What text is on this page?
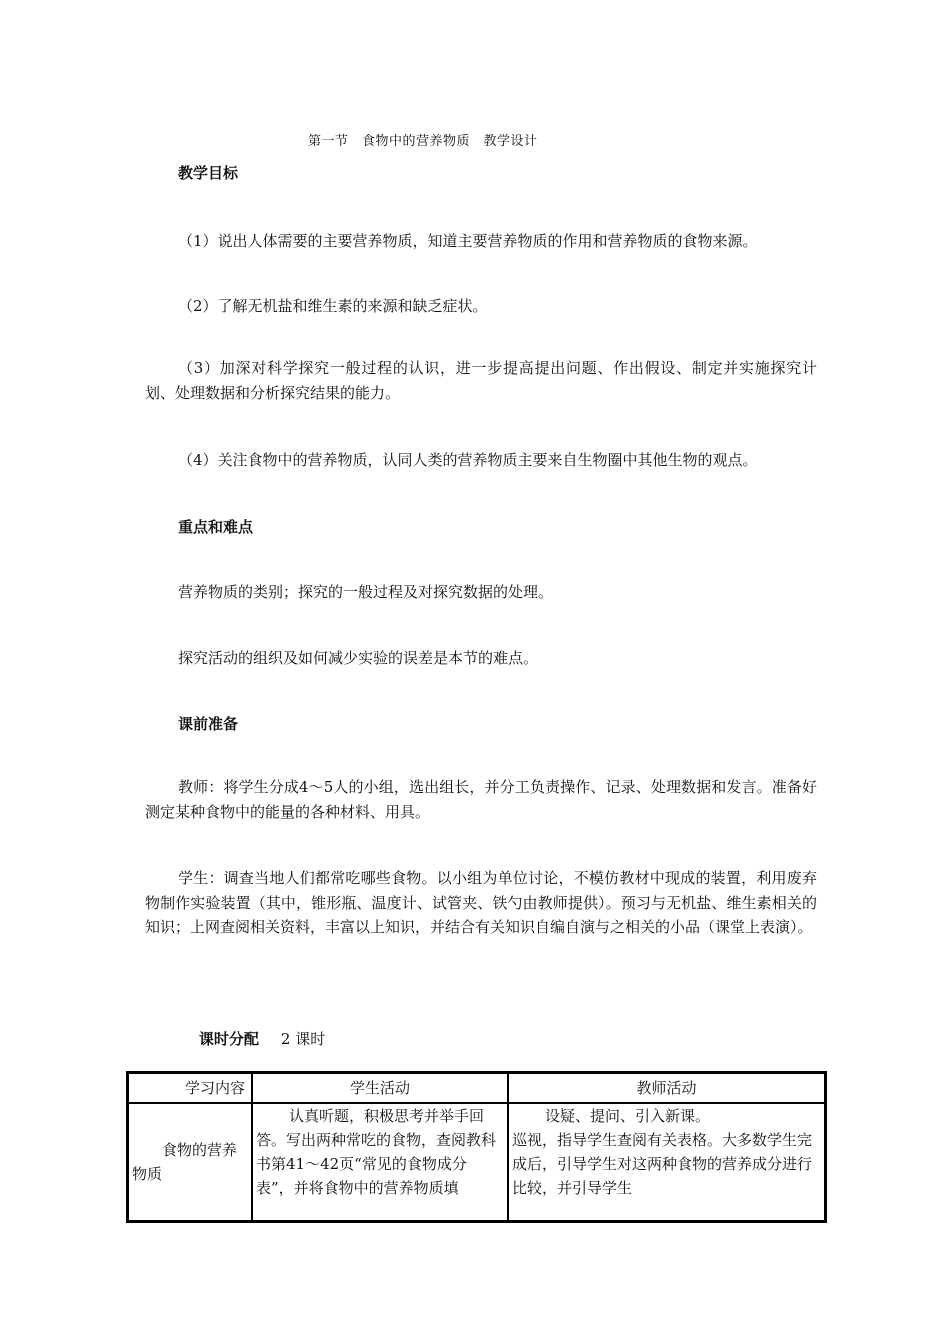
第一节　食物中的营养物质　教学设计
教学目标
（1）说出人体需要的主要营养物质，知道主要营养物质的作用和营养物质的食物来源。
（2）了解无机盐和维生素的来源和缺乏症状。
（3）加深对科学探究一般过程的认识，进一步提高提出问题、作出假设、制定并实施探究计划、处理数据和分析探究结果的能力。
（4）关注食物中的营养物质，认同人类的营养物质主要来自生物圈中其他生物的观点。
重点和难点
营养物质的类别；探究的一般过程及对探究数据的处理。
探究活动的组织及如何减少实验的误差是本节的难点。
课前准备
教师：将学生分成4～5人的小组，选出组长，并分工负责操作、记录、处理数据和发言。准备好测定某种食物中的能量的各种材料、用具。
学生：调查当地人们都常吃哪些食物。以小组为单位讨论，不模仿教材中现成的装置，利用废弃物制作实验装置（其中，锥形瓶、温度计、试管夹、铁勺由教师提供）。预习与无机盐、维生素相关的知识；上网查阅相关资料，丰富以上知识，并结合有关知识自编自演与之相关的小品（课堂上表演）。

课时分配 2 课时

学习内容	学生活动	教师活动
食物的营养物质	认真听题，积极思考并举手回答。写出两种常吃的食物，查阅教科书第41～42页“常见的食物成分表”，并将食物中的营养物质填	设疑、提问、引入新课。
巡视，指导学生查阅有关表格。大多数学生完成后，引导学生对这两种食物的营养成分进行比较，并引导学生
